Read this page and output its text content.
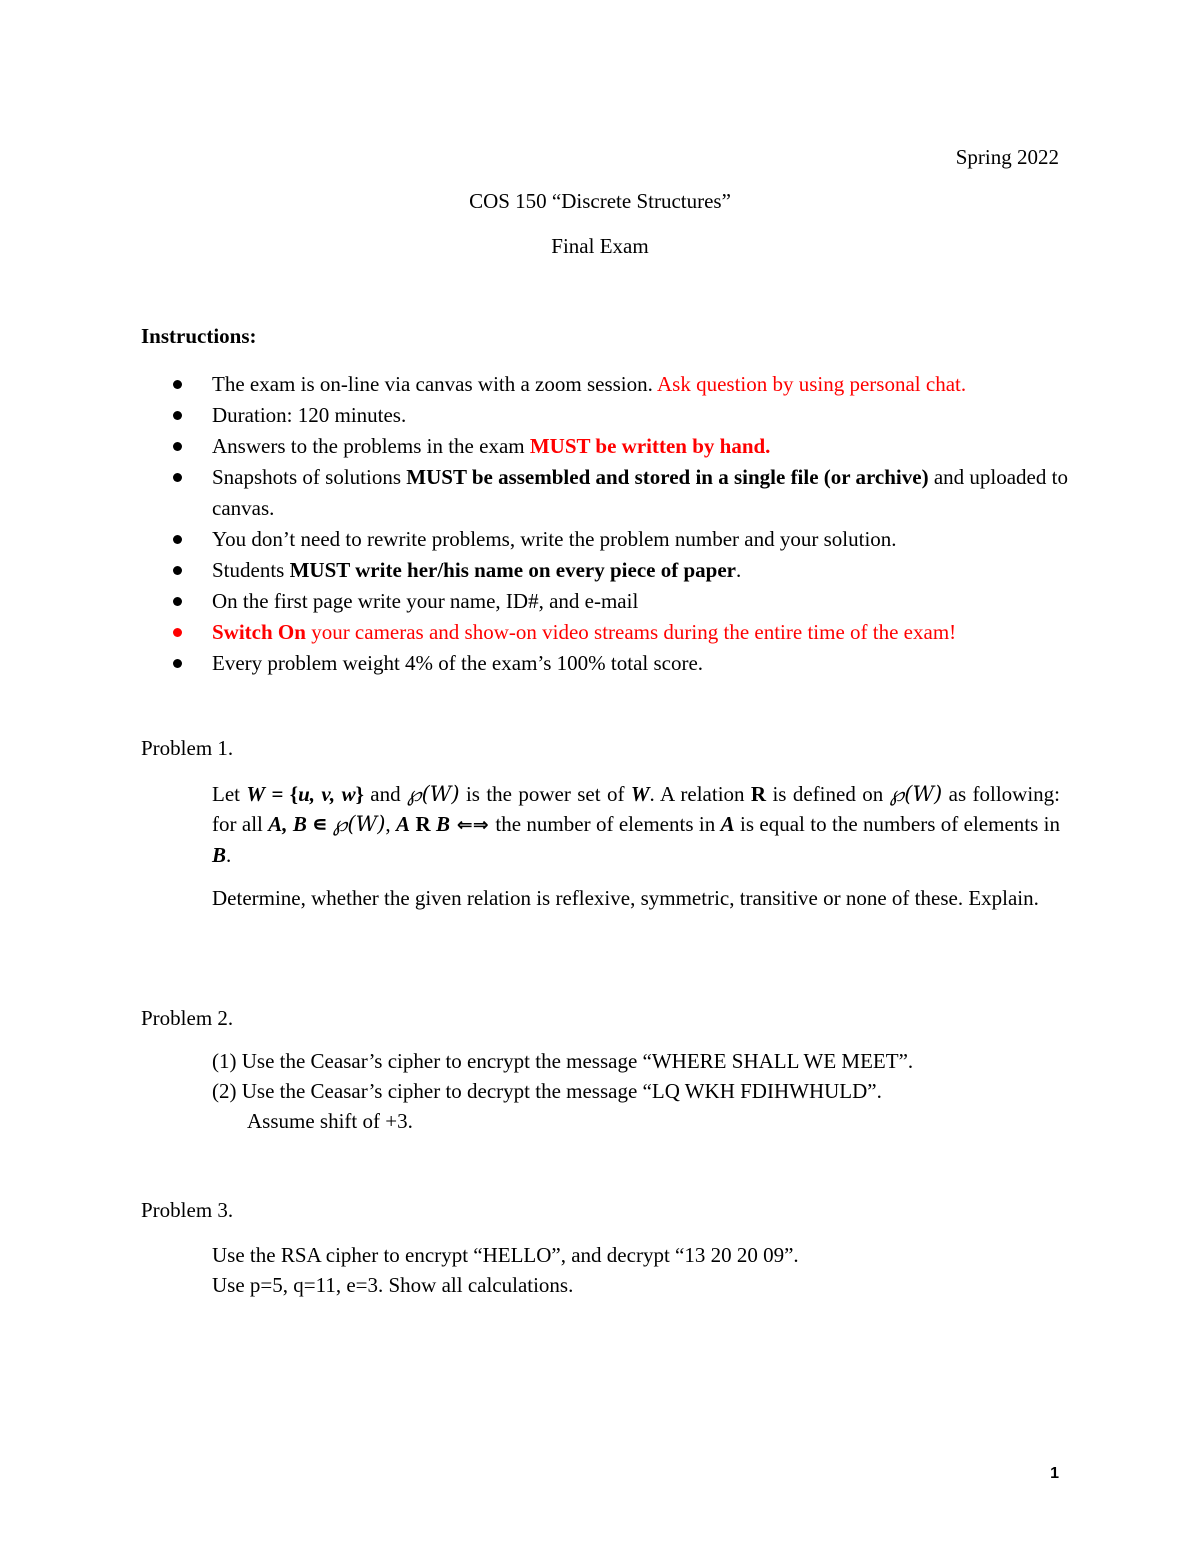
Spring 2022
COS 150 “Discrete Structures”
Final Exam
Instructions:
The exam is on-line via canvas with a zoom session. Ask question by using personal chat.
Duration: 120 minutes.
Answers to the problems in the exam MUST be written by hand.
Snapshots of solutions MUST be assembled and stored in a single file (or archive) and uploaded to canvas.
You don’t need to rewrite problems, write the problem number and your solution.
Students MUST write her/his name on every piece of paper.
On the first page write your name, ID#, and e-mail
Switch On your cameras and show-on video streams during the entire time of the exam!
Every problem weight 4% of the exam’s 100% total score.
Problem 1.
Let W = {u, v, w} and ℘(W) is the power set of W. A relation R is defined on ℘(W) as following: for all A, B ∊ ℘(W), A R B ⇐⇒ the number of elements in A is equal to the numbers of elements in B.
Determine, whether the given relation is reflexive, symmetric, transitive or none of these. Explain.
Problem 2.
(1) Use the Ceasar’s cipher to encrypt the message “WHERE SHALL WE MEET”.
(2) Use the Ceasar’s cipher to decrypt the message “LQ WKH FDIHWHULD”.
Assume shift of +3.
Problem 3.
Use the RSA cipher to encrypt “HELLO”, and decrypt “13 20 20 09”.
Use p=5, q=11, e=3. Show all calculations.
1
